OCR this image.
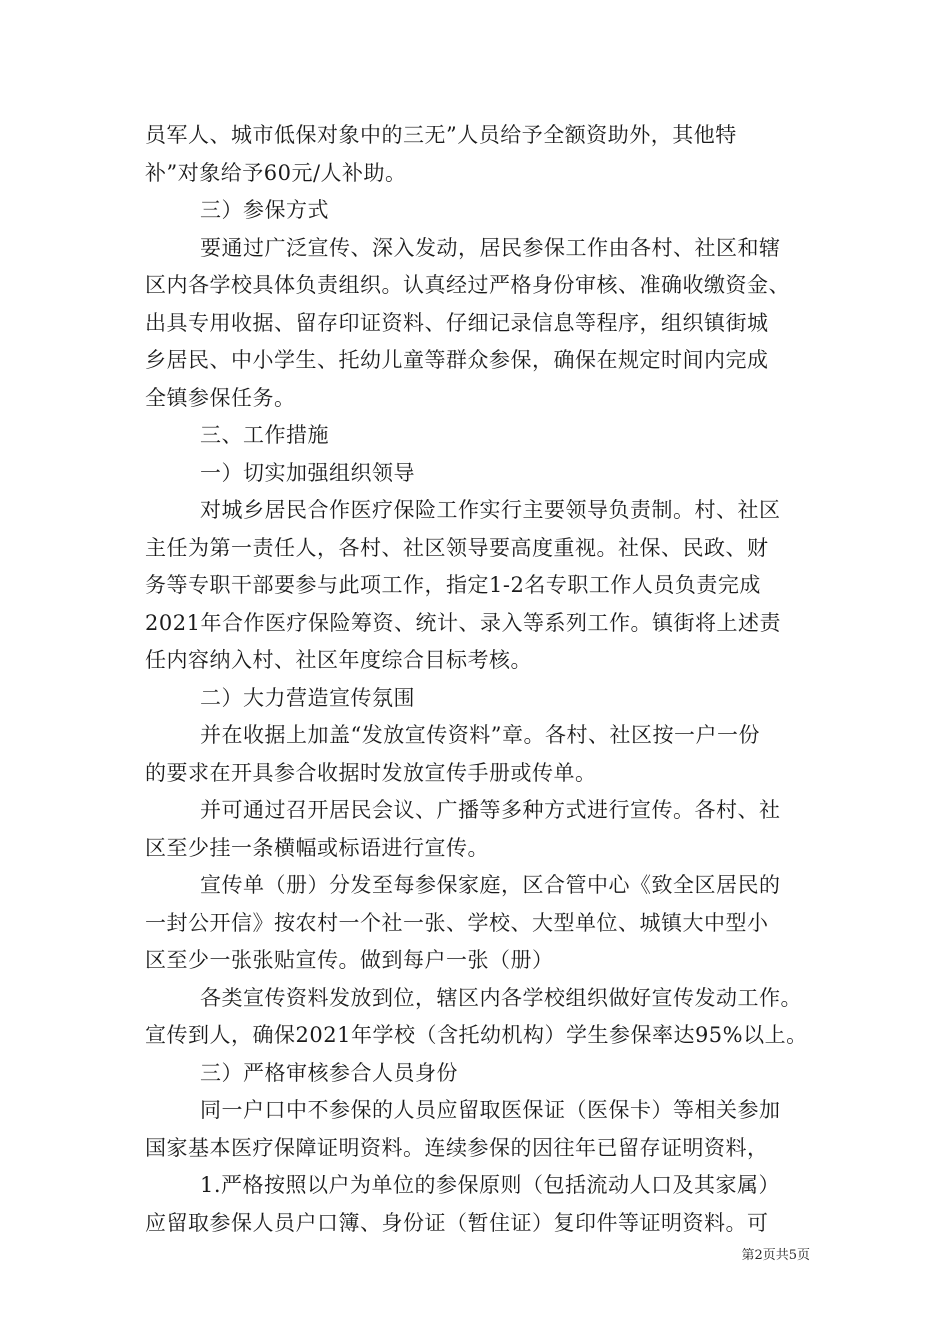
员军人、城市低保对象中的三无”人员给予全额资助外，其他特
补”对象给予60元/人补助。
三）参保方式
要通过广泛宣传、深入发动，居民参保工作由各村、社区和辖
区内各学校具体负责组织。认真经过严格身份审核、准确收缴资金、
出具专用收据、留存印证资料、仔细记录信息等程序，组织镇街城
乡居民、中小学生、托幼儿童等群众参保，确保在规定时间内完成
全镇参保任务。
三、工作措施
一）切实加强组织领导
对城乡居民合作医疗保险工作实行主要领导负责制。村、社区
主任为第一责任人，各村、社区领导要高度重视。社保、民政、财
务等专职干部要参与此项工作，指定1-2名专职工作人员负责完成
2021年合作医疗保险筹资、统计、录入等系列工作。镇街将上述责
任内容纳入村、社区年度综合目标考核。
二）大力营造宣传氛围
并在收据上加盖“发放宣传资料”章。各村、社区按一户一份
的要求在开具参合收据时发放宣传手册或传单。
并可通过召开居民会议、广播等多种方式进行宣传。各村、社
区至少挂一条横幅或标语进行宣传。
宣传单（册）分发至每参保家庭，区合管中心《致全区居民的
一封公开信》按农村一个社一张、学校、大型单位、城镇大中型小
区至少一张张贴宣传。做到每户一张（册）
各类宣传资料发放到位，辖区内各学校组织做好宣传发动工作。
宣传到人，确保2021年学校（含托幼机构）学生参保率达95%以上。
三）严格审核参合人员身份
同一户口中不参保的人员应留取医保证（医保卡）等相关参加
国家基本医疗保障证明资料。连续参保的因往年已留存证明资料，
1.严格按照以户为单位的参保原则（包括流动人口及其家属）
应留取参保人员户口簿、身份证（暂住证）复印件等证明资料。可
第2页共5页
